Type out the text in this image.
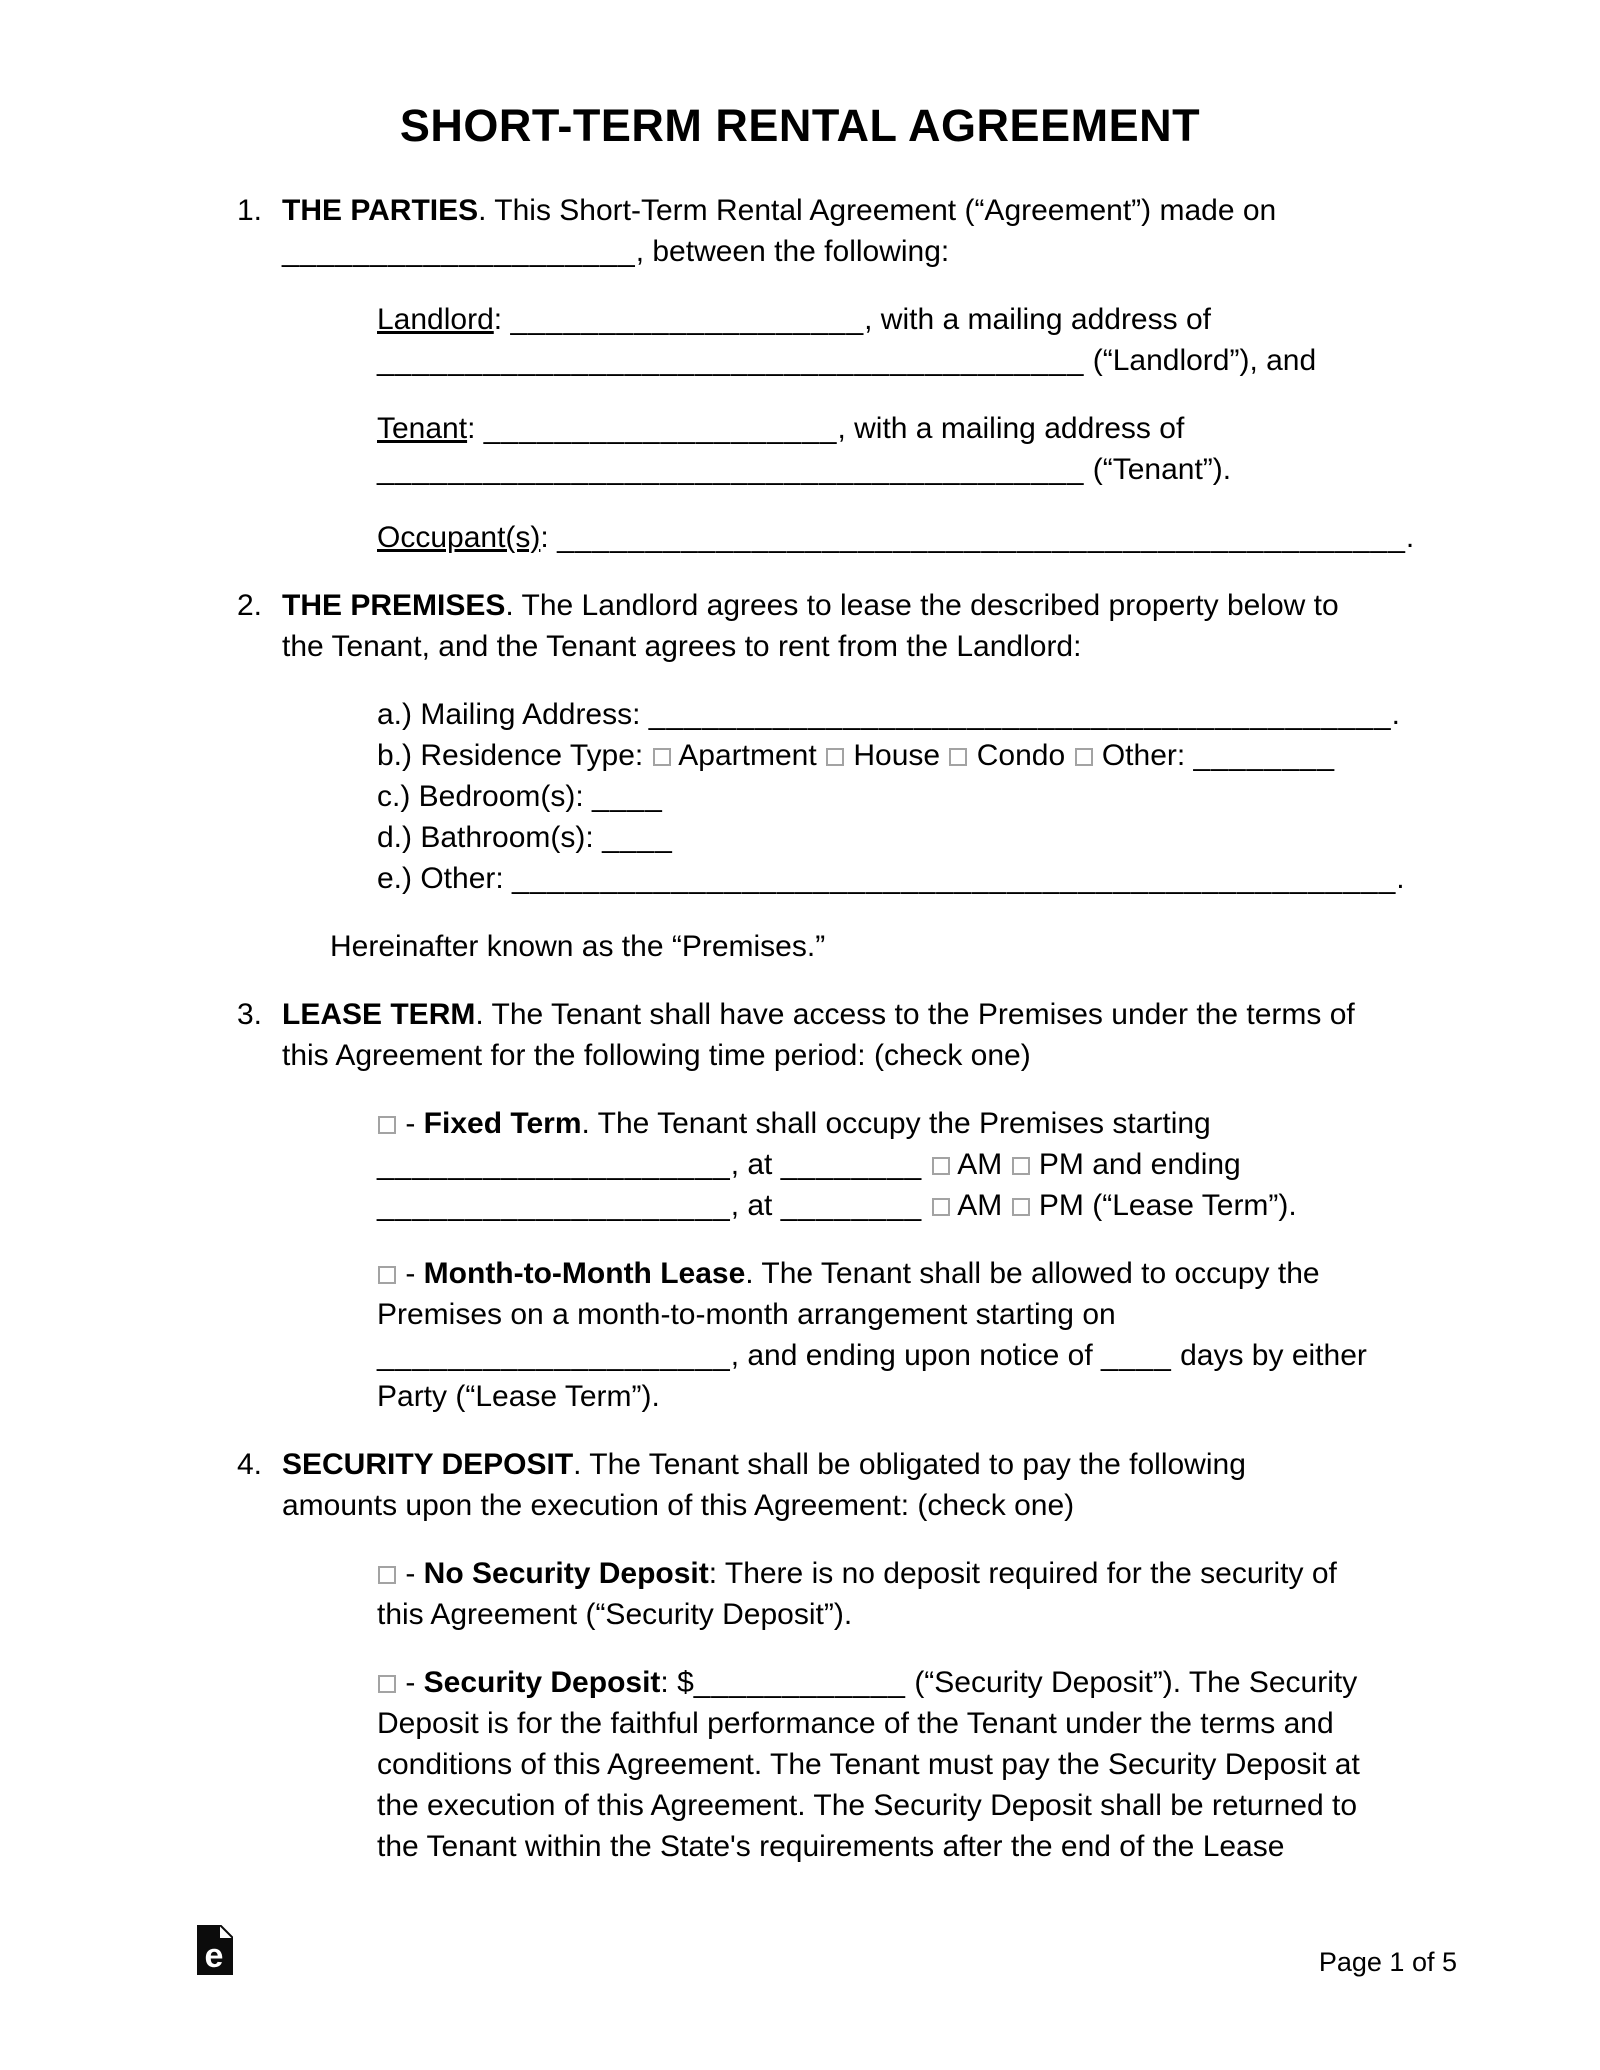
SHORT-TERM RENTAL AGREEMENT
1. THE PARTIES. This Short-Term Rental Agreement (“Agreement”) made on
____________________, between the following:
Landlord: ____________________, with a mailing address of
________________________________________ (“Landlord”), and
Tenant: ____________________, with a mailing address of
________________________________________ (“Tenant”).
Occupant(s): ________________________________________________.
2. THE PREMISES. The Landlord agrees to lease the described property below to
the Tenant, and the Tenant agrees to rent from the Landlord:
a.) Mailing Address: __________________________________________.
b.) Residence Type:  Apartment  House  Condo  Other: ________
c.) Bedroom(s): ____
d.) Bathroom(s): ____
e.) Other: __________________________________________________.
Hereinafter known as the “Premises.”
3. LEASE TERM. The Tenant shall have access to the Premises under the terms of
this Agreement for the following time period: (check one)
- Fixed Term. The Tenant shall occupy the Premises starting
____________________, at ________  AM  PM and ending
____________________, at ________  AM  PM (“Lease Term”).
- Month-to-Month Lease. The Tenant shall be allowed to occupy the
Premises on a month-to-month arrangement starting on
____________________, and ending upon notice of ____ days by either
Party (“Lease Term”).
4. SECURITY DEPOSIT. The Tenant shall be obligated to pay the following
amounts upon the execution of this Agreement: (check one)
- No Security Deposit: There is no deposit required for the security of
this Agreement (“Security Deposit”).
- Security Deposit: $____________ (“Security Deposit”). The Security
Deposit is for the faithful performance of the Tenant under the terms and
conditions of this Agreement. The Tenant must pay the Security Deposit at
the execution of this Agreement. The Security Deposit shall be returned to
the Tenant within the State's requirements after the end of the Lease
e	Page 1 of 5
